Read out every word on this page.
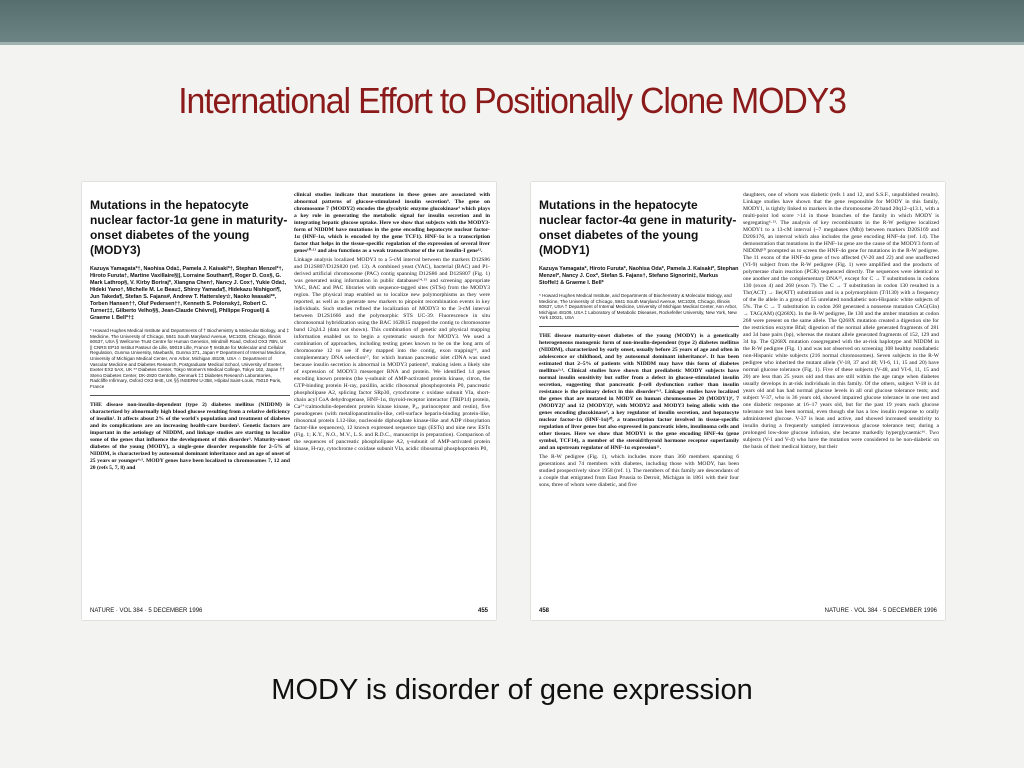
International Effort to Positionally Clone MODY3
Mutations in the hepatocyte nuclear factor-1α gene in maturity-onset diabetes of the young (MODY3)
Kazuya Yamagata*†, Naohisa Oda‡, Pamela J. Kaisaki*†, Stephan Menzel*†, Hiroto Furuta†, Martine Vaxillaire§||, Lorraine Southam¶, Roger D. Cox§, G. Mark Lathrop§, V. Kirby Boriraj*, Xiangna Chen†, Nancy J. Cox†, Yukie Oda‡, Hideki Yano†, Michelle M. Le Beau‡, Shiroy Yamada¶, Hidekazu Nishigori¶, Jun Takeda¶, Stefan S. Fajans#, Andrew T. Hattersley☆, Naoko Iwasaki**, Torben Hansen††, Oluf Pedersen††, Kenneth S. Polonsky‡, Robert C. Turner‡‡, Gilberto Velho§§, Jean-Claude Chèvre||, Philippe Froguel|| & Graeme I. Bell*†‡
* Howard Hughes Medical Institute and Departments of † Biochemistry & Molecular Biology, and ‡ Medicine, The University of Chicago, 5841 South Maryland Avenue, MC1028, Chicago, Illinois 60637, USA § Wellcome Trust Centre for Human Genetics, Windmill Road, Oxford OX3 7BN, UK || CNRS EP10 Institut Pasteur de Lille, 59019 Lille, France ¶ Institute for Molecular and Cellular Regulation, Gunma University, Maebashi, Gunma 371, Japan # Department of Internal Medicine, University of Michigan Medical Center, Ann Arbor, Michigan 48109, USA ☆ Department of Vascular Medicine and Diabetes Research, Postgraduate Medical School, University of Exeter, Exeter EX2 5AX, UK ** Diabetes Center, Tokyo Women's Medical College, Tokyo 162, Japan †† Steno Diabetes Center, DK-2820 Gentofte, Denmark ‡‡ Diabetes Research Laboratories, Radcliffe Infirmary, Oxford OX2 6HE, UK §§ INSERM U-358, Hôpital Saint-Louis, 75010 Paris, France
THE disease non-insulin-dependent (type 2) diabetes mellitus (NIDDM) is characterized by abnormally high blood glucose resulting from a relative deficiency of insulin¹. It affects about 2% of the world's population and treatment of diabetes and its complications are an increasing health-care burden². Genetic factors are important in the aetiology of NIDDM, and linkage studies are starting to localize some of the genes that influence the development of this disorder³. Maturity-onset diabetes of the young (MODY), a single-gene disorder responsible for 2–5% of NIDDM, is characterized by autosomal dominant inheritance and an age of onset of 25 years or younger⁴·⁵. MODY genes have been localized to chromosomes 7, 12 and 20 (refs 5, 7, 8) and
clinical studies indicate that mutations in these genes are associated with abnormal patterns of glucose-stimulated insulin secretion⁹. The gene on chromosome 7 (MODY2) encodes the glycolytic enzyme glucokinase⁴ which plays a key role in generating the metabolic signal for insulin secretion and in integrating hepatic glucose uptake. Here we show that subjects with the MODY3-form of NIDDM have mutations in the gene encoding hepatocyte nuclear factor-1α (HNF-1α, which is encoded by the gene TCF1). HNF-1α is a transcription factor that helps in the tissue-specific regulation of the expression of several liver genes¹⁰·¹¹ and also functions as a weak transactivator of the rat insulin-I gene¹².

Linkage analysis localized MODY3 to a 5-cM interval between the markers D12S86 and D12S807/D12S820 (ref. 13). A combined yeast (YAC), bacterial (BAC) and P1-derived artificial chromosome (PAC) contig spanning D12S86 and D12S807 (Fig. 1) was generated using information in public databases¹⁴·¹⁵ and screening appropriate YAC, BAC and PAC libraries with sequence-tagged sites (STSs) from the MODY3 region. The physical map enabled us to localize new polymorphisms as they were reported, as well as to generate new markers to pinpoint recombination events in key individuals. Such studies refined the localization of MODY3 to the 3-cM interval between D12S1666 and the polymorphic STS UC-39. Fluorescence in situ chromosomal hybridization using the BAC 162B15 mapped the contig to chromosome band 12q24.2 (data not shown). This combination of genetic and physical mapping information enabled us to begin a systematic search for MODY3. We used a combination of approaches, including testing genes known to be on the long arm of chromosome 12 to see if they mapped into the contig, exon trapping¹⁶, and complementary DNA selection¹⁷, for which human pancreatic islet cDNA was used because insulin secretion is abnormal in MODY3 patients⁹, making islets a likely site of expression of MODY3 messenger RNA and protein. We identified 14 genes encoding known proteins (the γ-subunit of AMP-activated protein kinase, citron, the GTP-binding protein H-ray, paxillin, acidic ribosomal phosphoprotein P0, pancreatic phospholipase A2, splicing factor SRp30, cytochrome c oxidase subunit VIa, short-chain acyl CoA dehydrogenase, HNF-1α, thyroid-receptor interactor (TRIP14) protein, Ca²⁺/calmodulin-dependent protein kinase kinase, P₂ₓ purinoceptor and restin), five pseudogenes (with metallopanstimulin-like, cell-surface heparin-binding protein-like, ribosomal protein L12-like, nucleoside diphosphate kinase-like and ADP ribosylation factor-like sequences), 12 known expressed sequence tags (ESTs) and nine new ESTs (Fig. 1; K.Y., N.O., M.V., L.S. and R.D.C., manuscript in preparation). Comparison of the sequences of pancreatic phospholipase A2, γ-subunit of AMP-activated protein kinase, H-ray, cytochrome c oxidase subunit VIa, acidic ribosomal phosphoprotein P0,

NATURE · VOL 384 · 5 DECEMBER 1996	455
Mutations in the hepatocyte nuclear factor-4α gene in maturity-onset diabetes of the young (MODY1)
Kazuya Yamagata*, Hiroto Furuta*, Naohisa Oda*, Pamela J. Kaisaki*, Stephan Menzel*, Nancy J. Cox*, Stefan S. Fajans†, Stefano Signorini‡, Markus Stoffel‡ & Graeme I. Bell*
* Howard Hughes Medical Institute, and Departments of Biochemistry & Molecular Biology, and Medicine, The University of Chicago, 5841 South Maryland Avenue, MC1028, Chicago, Illinois 60637, USA † Department of Internal Medicine, University of Michigan Medical Center, Ann Arbor, Michigan 48109, USA ‡ Laboratory of Metabolic Diseases, Rockefeller University, New York, New York 10021, USA
THE disease maturity-onset diabetes of the young (MODY) is a genetically heterogeneous monogenic form of non-insulin-dependent (type 2) diabetes mellitus (NIDDM), characterized by early onset, usually before 25 years of age and often in adolescence or childhood, and by autosomal dominant inheritance¹. It has been estimated that 2–5% of patients with NIDDM may have this form of diabetes mellitus²·³. Clinical studies have shown that prediabetic MODY subjects have normal insulin sensitivity but suffer from a defect in glucose-stimulated insulin secretion, suggesting that pancreatic β-cell dysfunction rather than insulin resistance is the primary defect in this disorder⁴·⁵. Linkage studies have localized the genes that are mutated in MODY on human chromosomes 20 (MODY1)⁶, 7 (MODY2)⁷ and 12 (MODY3)⁸, with MODY2 and MODY3 being allelic with the genes encoding glucokinase⁹, a key regulator of insulin secretion, and hepatocyte nuclear factor-1α (HNF-1α)¹⁰, a transcription factor involved in tissue-specific regulation of liver genes but also expressed in pancreatic islets, insulinoma cells and other tissues. Here we show that MODY1 is the gene encoding HNF-4α (gene symbol, TCF14), a member of the steroid/thyroid hormone receptor superfamily and an upstream regulator of HNF-1α expression¹¹.

The R-W pedigree (Fig. 1), which includes more than 360 members spanning 6 generations and 74 members with diabetes, including those with MODY, has been studied prospectively since 1958 (ref. 1). The members of this family are descendants of a couple that emigrated from East Prussia to Detroit, Michigan in 1861 with their four sons, three of whom were diabetic, and five

daughters, one of whom was diabetic (refs 1 and 12, and S.S.F., unpublished results). Linkage studies have shown that the gene responsible for MODY in this family, MODY1, is tightly linked to markers in the chromosome 20 band 20q12–q13.1, with a multi-point lod score >14 in those branches of the family in which MODY is segregating⁶·¹³. The analysis of key recombinants in the R-W pedigree localized MODY1 to a 13-cM interval (~7 megabases (Mb)) between markers D20S169 and D20S176, an interval which also includes the gene encoding HNF-4α (ref. 14). The demonstration that mutations in the HNF-1α gene are the cause of the MODY3 form of NIDDM¹⁰ prompted us to screen the HNF-4α gene for mutations in the R-W pedigree. The 11 exons of the HNF-4α gene of two affected (V-20 and 22) and one unaffected (VI-9) subject from the R-W pedigree (Fig. 1) were amplified and the products of polymerase chain reaction (PCR) sequenced directly. The sequences were identical to one another and the complementary DNA¹⁵, except for C → T substitutions in codons 130 (exon 4) and 268 (exon 7). The C → T substitution in codon 130 resulted in a Thr(ACT) → Ile(ATT) substitution and is a polymorphism (T/I130) with a frequency of the Ile allele in a group of 55 unrelated nondiabetic non-Hispanic white subjects of 5%. The C → T substitution in codon 268 generated a nonsense mutation CAG(Gln) → TAG(AM) (Q268X). In the R-W pedigree, Ile 130 and the amber mutation at codon 268 were present on the same allele. The Q268X mutation created a digestion site for the restriction enzyme BfaI; digestion of the normal allele generated fragments of 281 and 34 base pairs (bp), whereas the mutant allele generated fragments of 152, 129 and 34 bp. The Q268X mutation cosegregated with the at-risk haplotype and NIDDM in the R-W pedigree (Fig. 1) and was not observed on screening 108 healthy nondiabetic non-Hispanic white subjects (216 normal chromosomes). Seven subjects in the R-W pedigree who inherited the mutant allele (V-18, 37 and 48; VI-6, 11, 15 and 20) have normal glucose tolerance (Fig. 1). Five of these subjects (V-48, and VI-6, 11, 15 and 20) are less than 25 years old and thus are still within the age range when diabetes usually develops in at-risk individuals in this family. Of the others, subject V-18 is 44 years old and has had normal glucose levels in all oral glucose tolerance tests; and subject V-37, who is 36 years old, showed impaired glucose tolerance in one test and one diabetic response at 16–17 years old, but for the past 19 years each glucose tolerance test has been normal, even though she has a low insulin response to orally administered glucose. V-37 is lean and active, and showed increased sensitivity to insulin during a frequently sampled intravenous glucose tolerance test; during a prolonged low-dose glucose infusion, she became markedly hyperglycaemic¹⁶. Two subjects (V-1 and V-4) who have the mutation were considered to be non-diabetic on the basis of their medical history, but their

458	NATURE · VOL 384 · 5 DECEMBER 1996
MODY is disorder of gene expression
